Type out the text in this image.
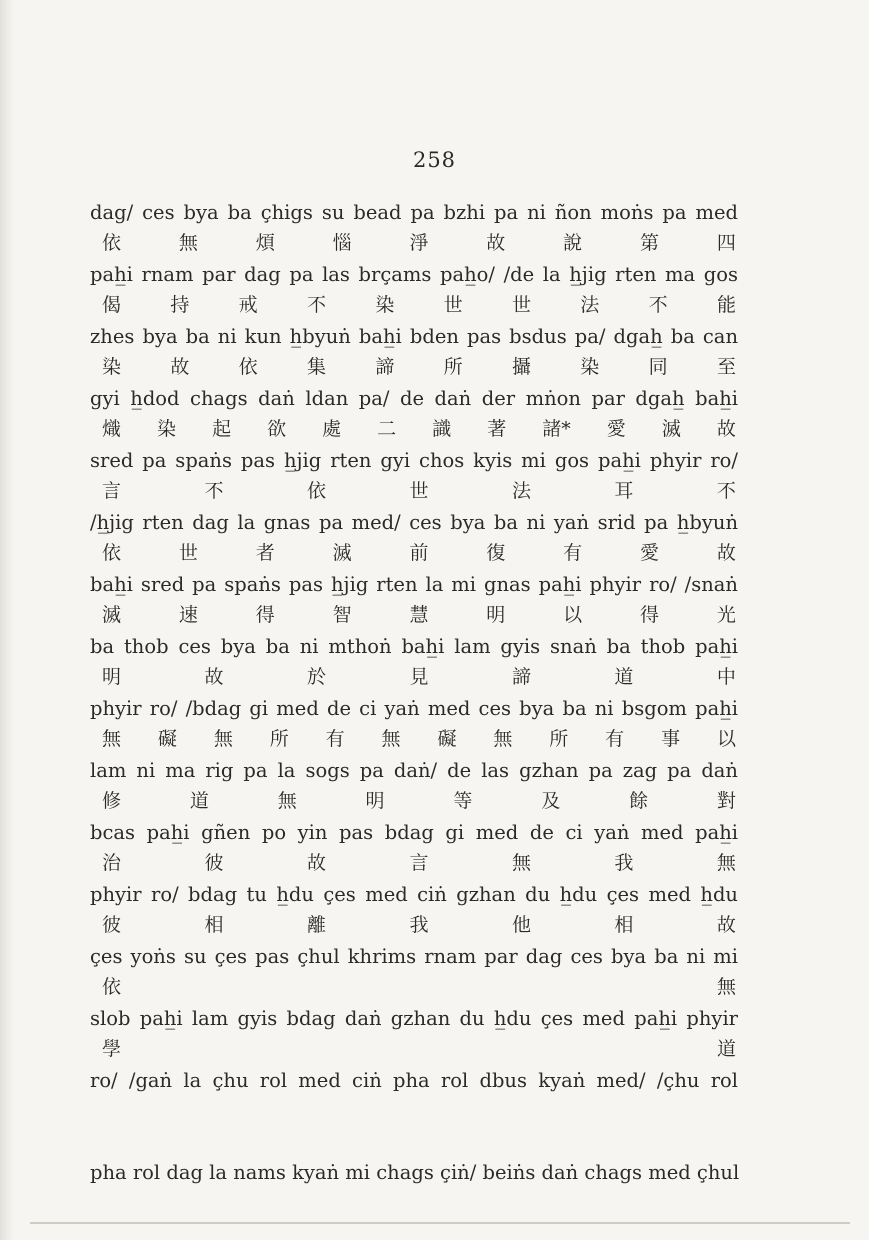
258
dag/ ces bya ba çhigs su bead pa bzhi pa ni ñon moṅs pa med
依	無	煩	惱	淨	故	說	第	四
pah̲i rnam par dag pa las brçams pah̲o/ /de la h̲jig rten ma gos
偈	持	戒	不	染	世	世	法	不	能
zhes bya ba ni kun h̲byuṅ bah̲i bden pas bsdus pa/ dgah̲ ba can
染	故	依	集	諦	所	攝	染	同	至
gyi h̲dod chags daṅ ldan pa/ de daṅ der mṅon par dgah̲ bah̲i
熾 染 起 欲 處 二 識 著 諸* 愛 滅 故
sred pa spaṅs pas h̲jig rten gyi chos kyis mi gos pah̲i phyir ro/
言	不	依	世	法	耳	不
/h̲jig rten dag la gnas pa med/ ces bya ba ni yaṅ srid pa h̲byuṅ
依	世	者	滅	前	復	有	愛	故
bah̲i sred pa spaṅs pas h̲jig rten la mi gnas pah̲i phyir ro/ /snaṅ
滅	速	得	智	慧	明	以	得	光
ba thob ces bya ba ni mthoṅ bah̲i lam gyis snaṅ ba thob pah̲i
明	故	於	見	諦	道	中
phyir ro/ /bdag gi med de ci yaṅ med ces bya ba ni bsgom pah̲i
無 礙 無 所 有 無 礙 無 所 有 事 以
lam ni ma rig pa la sogs pa daṅ/ de las gzhan pa zag pa daṅ
修	道	無	明	等	及	餘	對
bcas pah̲i gñen po yin pas bdag gi med de ci yaṅ med pah̲i
治	彼	故	言	無	我	無
phyir ro/ bdag tu h̲du çes med ciṅ gzhan du h̲du çes med h̲du
彼	相	離	我	他	相	故
çes yoṅs su çes pas çhul khrims rnam par dag ces bya ba ni mi
依	無
slob pah̲i lam gyis bdag daṅ gzhan du h̲du çes med pah̲i phyir
學	道
ro/ /gaṅ la çhu rol med ciṅ pha rol dbus kyaṅ med/ /çhu rol
pha rol dag la nams kyaṅ mi chags çiṅ/ beiṅs daṅ chags med çhul
